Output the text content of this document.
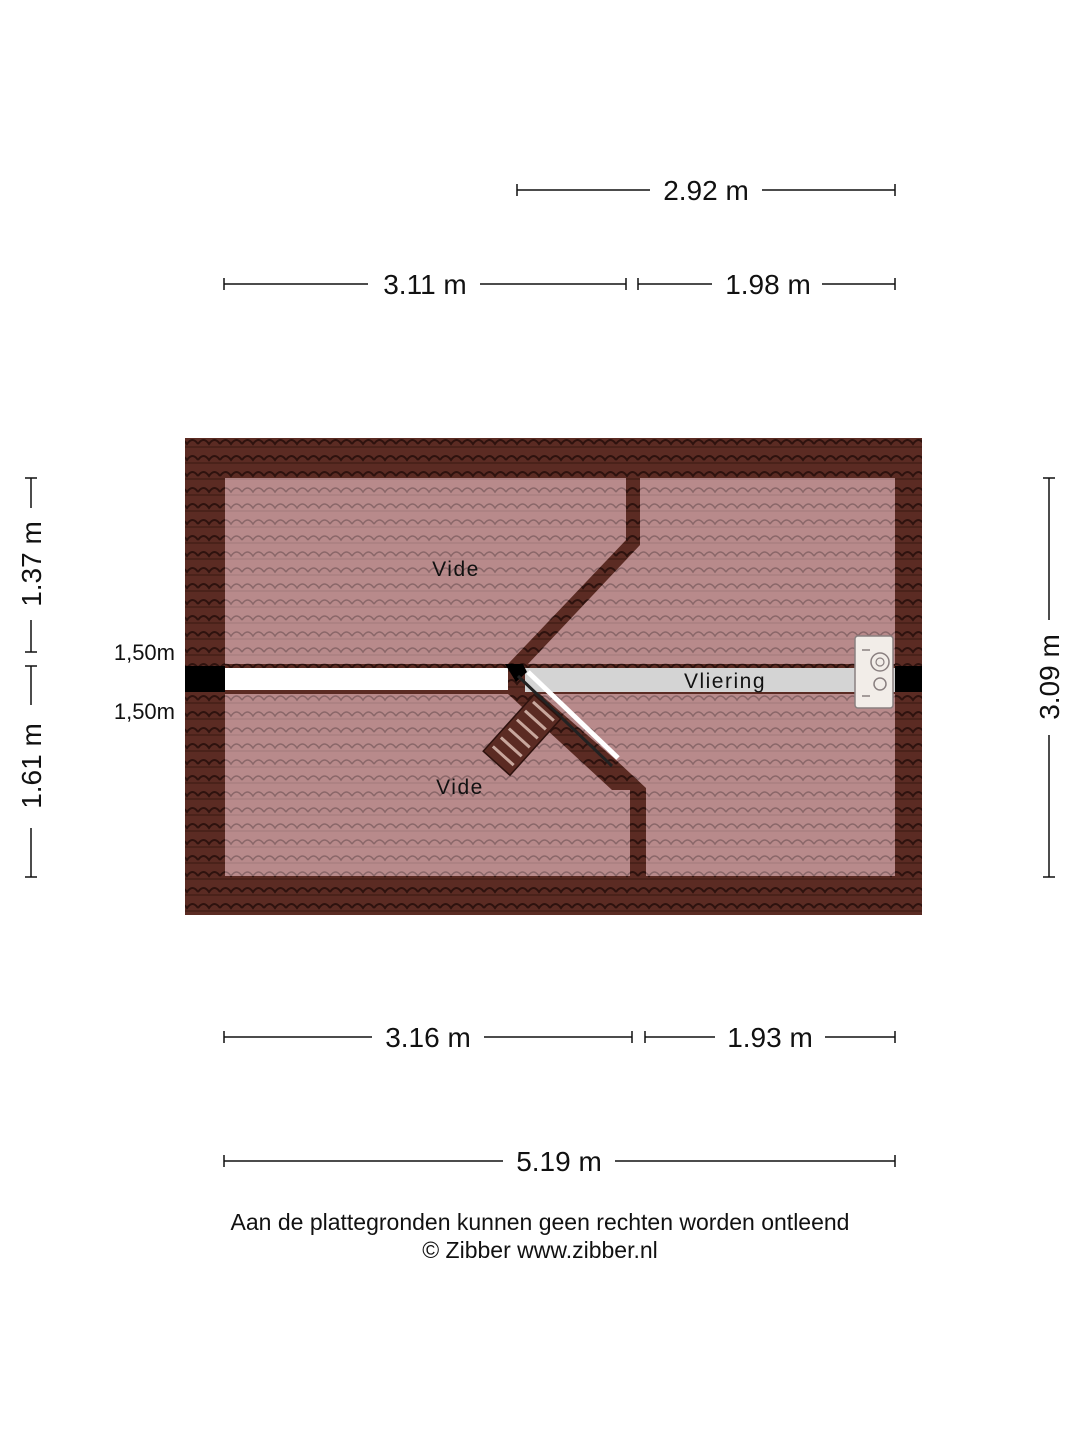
Vide
Vide
Vliering
2.92 m
3.11 m	1.98 m
3.16 m	1.93 m
5.19 m
1.37 m
1.61 m
3.09 m
1,50m
1,50m
Aan de plattegronden kunnen geen rechten worden ontleend
© Zibber www.zibber.nl
